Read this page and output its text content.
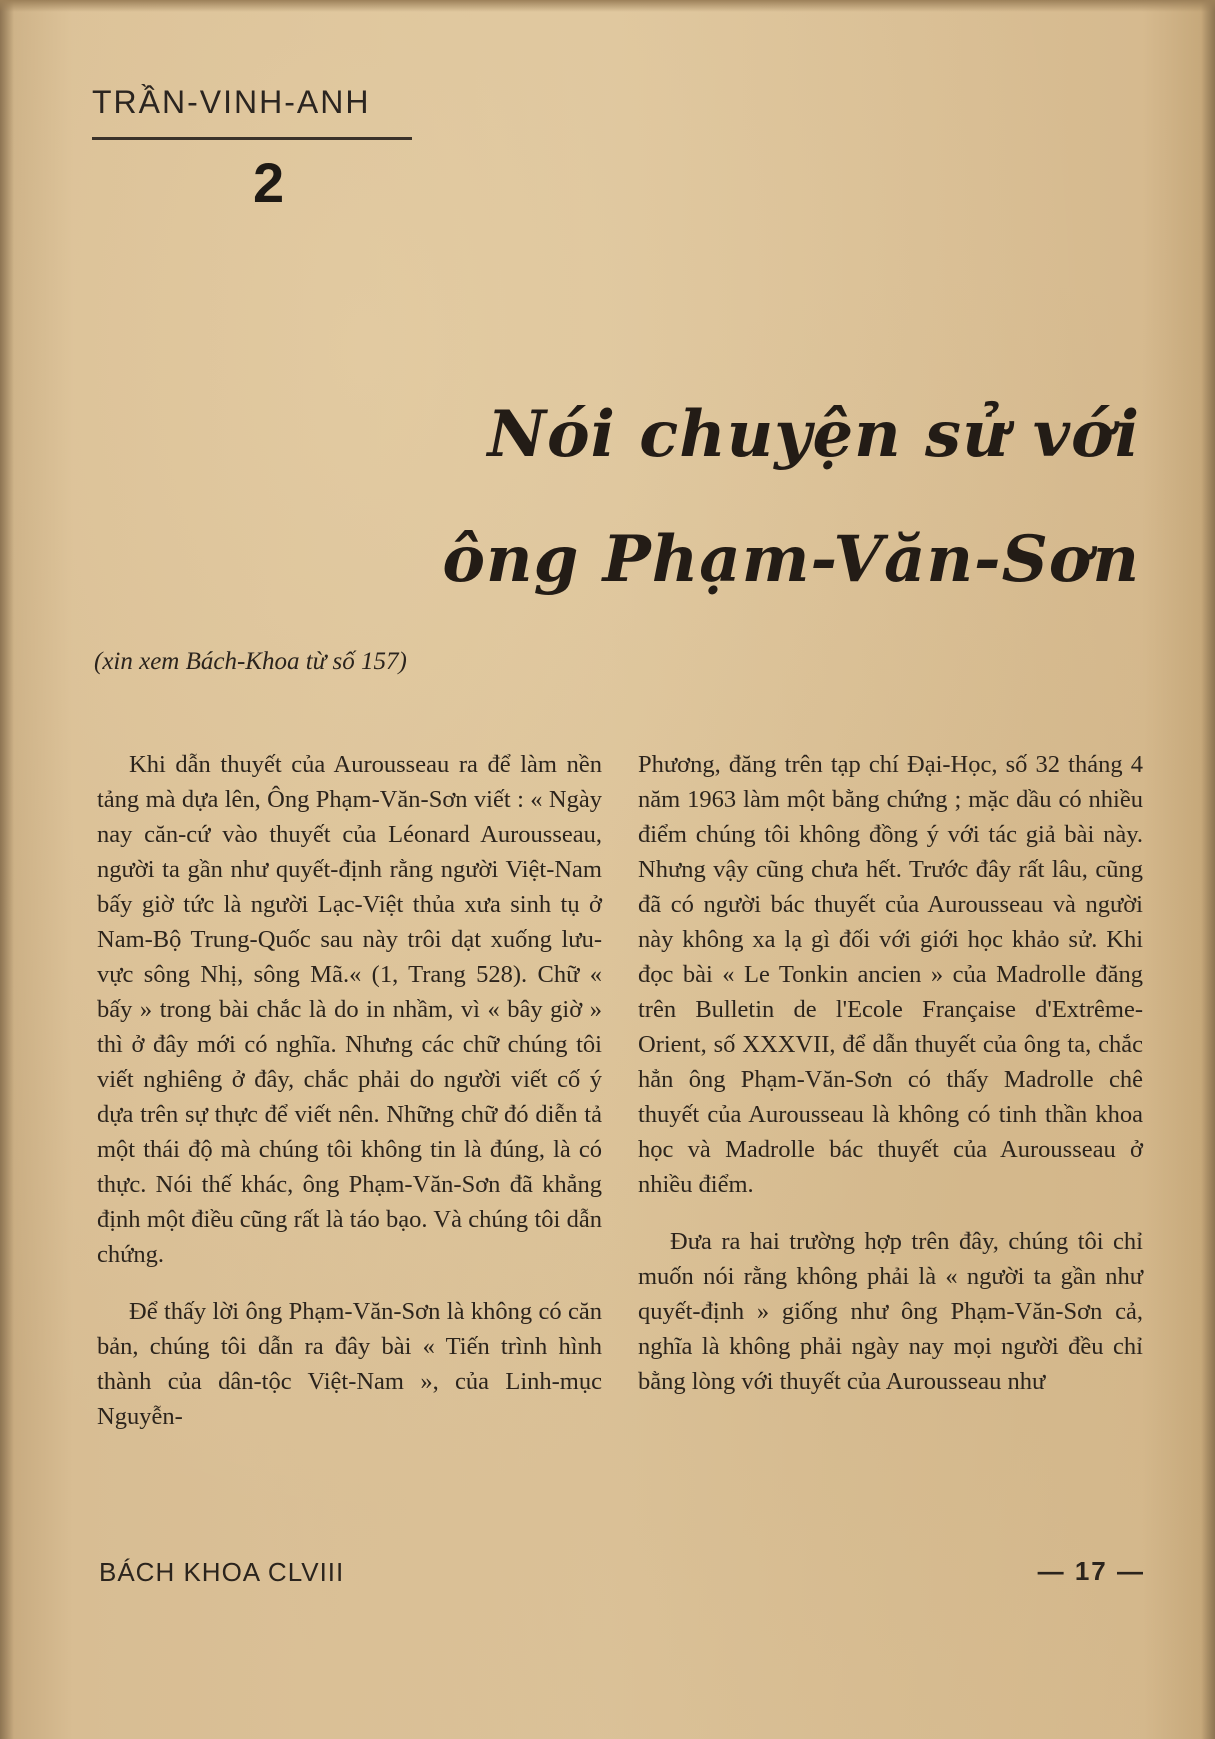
TRẦN-VINH-ANH
2
Nói chuyện sử với
ông Phạm-Văn-Sơn
(xin xem Bách-Khoa từ số 157)

Khi dẫn thuyết của Aurousseau ra để làm nền tảng mà dựa lên, Ông Phạm-Văn-Sơn viết : « Ngày nay căn-cứ vào thuyết của Léonard Aurousseau, người ta gần như quyết-định rằng người Việt-Nam bấy giờ tức là người Lạc-Việt thủa xưa sinh tụ ở Nam-Bộ Trung-Quốc sau này trôi dạt xuống lưu-vực sông Nhị, sông Mã.« (1, Trang 528). Chữ « bấy » trong bài chắc là do in nhầm, vì « bây giờ » thì ở đây mới có nghĩa. Nhưng các chữ chúng tôi viết nghiêng ở đây, chắc phải do người viết cố ý dựa trên sự thực để viết nên. Những chữ đó diễn tả một thái độ mà chúng tôi không tin là đúng, là có thực. Nói thế khác, ông Phạm-Văn-Sơn đã khẳng định một điều cũng rất là táo bạo. Và chúng tôi dẫn chứng.

Để thấy lời ông Phạm-Văn-Sơn là không có căn bản, chúng tôi dẫn ra đây bài « Tiến trình hình thành của dân-tộc Việt-Nam », của Linh-mục Nguyễn-

Phương, đăng trên tạp chí Đại-Học, số 32 tháng 4 năm 1963 làm một bằng chứng ; mặc dầu có nhiều điểm chúng tôi không đồng ý với tác giả bài này. Nhưng vậy cũng chưa hết. Trước đây rất lâu, cũng đã có người bác thuyết của Aurousseau và người này không xa lạ gì đối với giới học khảo sử. Khi đọc bài « Le Tonkin ancien » của Madrolle đăng trên Bulletin de l'Ecole Française d'Extrême-Orient, số XXXVII, để dẫn thuyết của ông ta, chắc hẳn ông Phạm-Văn-Sơn có thấy Madrolle chê thuyết của Aurousseau là không có tinh thần khoa học và Madrolle bác thuyết của Aurousseau ở nhiều điểm.

Đưa ra hai trường hợp trên đây, chúng tôi chỉ muốn nói rằng không phải là « người ta gần như quyết-định » giống như ông Phạm-Văn-Sơn cả, nghĩa là không phải ngày nay mọi người đều chỉ bằng lòng với thuyết của Aurousseau như

BÁCH KHOA CLVIII	— 17 —
